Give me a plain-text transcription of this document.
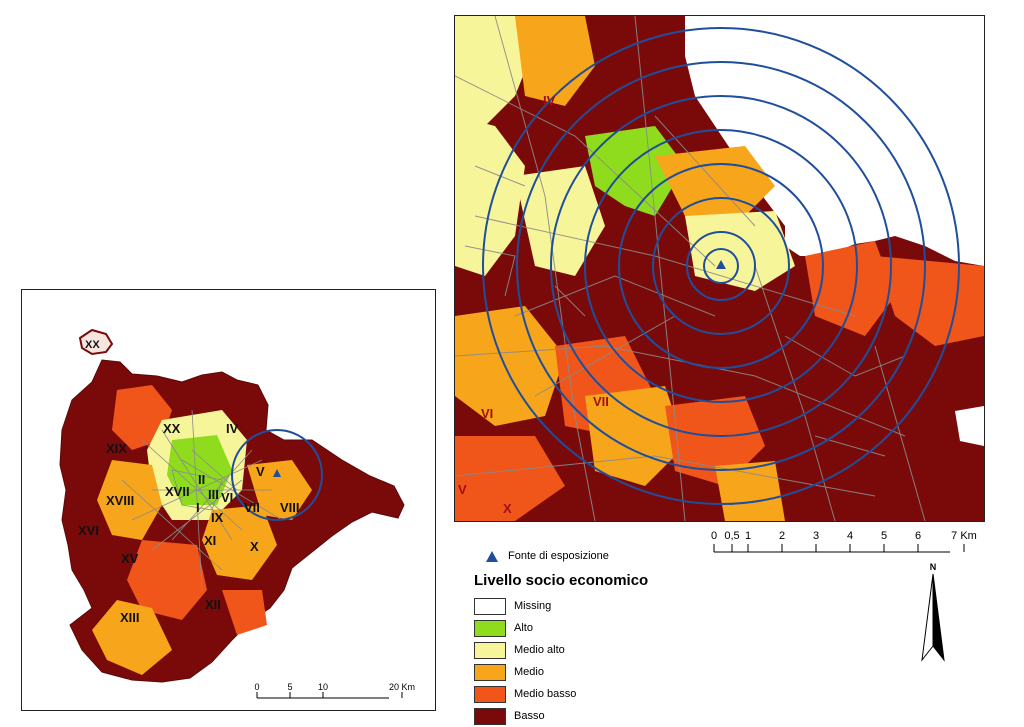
XX
XIX
XX	IV
V
XVIII
XVII
II
III VI
I	VII VIII
IX
XVI
XI	X
XV
XII
XIII
IV
VII
VI
X
V
Fonte di esposizione
Livello socio economico
Missing
Alto
Medio alto
Medio
Medio basso
Basso
0 0,5 1	2	3	4	5	6	7 Km
0	5	10	20 Km
N
